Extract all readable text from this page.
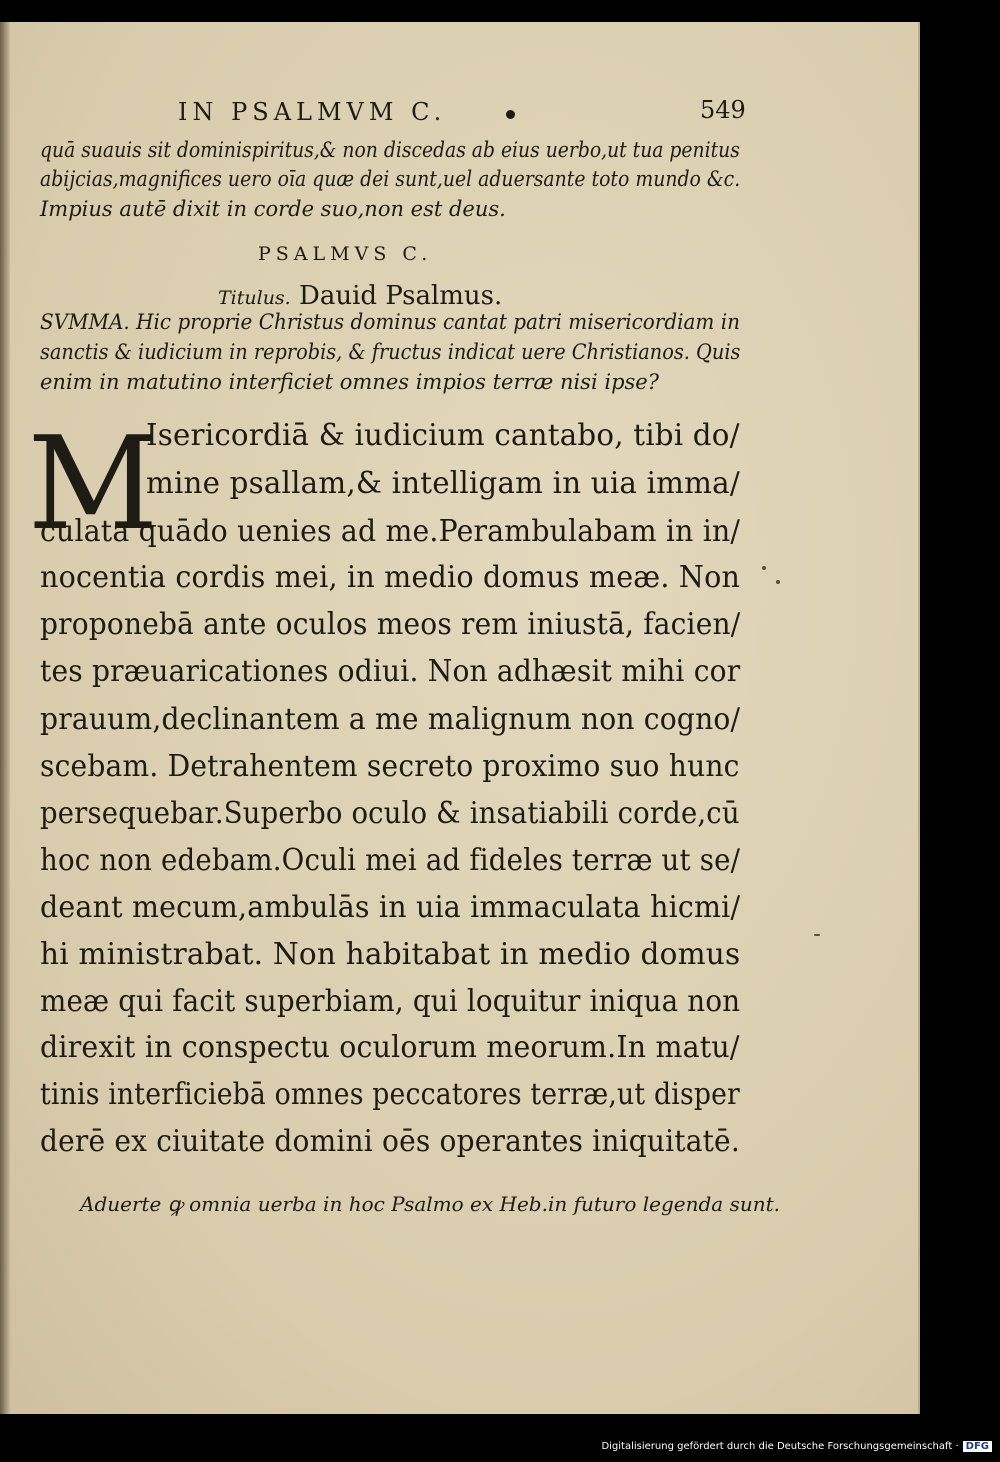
IN PSALMVM C.	549
quā suauis sit dominispiritus,& non discedas ab eius uerbo,ut tua penitus
abijcias,magnifices uero oīa quæ dei sunt,uel aduersante toto mundo &c.
Impius autē dixit in corde suo,non est deus.
PSALMVS C.
Titulus. Dauid Psalmus.
SVMMA. Hic proprie Christus dominus cantat patri misericordiam in
sanctis & iudicium in reprobis, & fructus indicat uere Christianos. Quis
enim in matutino interficiet omnes impios terræ nisi ipse?
M
Isericordiā & iudicium cantabo, tibi do/
mine psallam,& intelligam in uia imma/
culata quādo uenies ad me.Perambulabam in in/
nocentia cordis mei, in medio domus meæ. Non
proponebā ante oculos meos rem iniustā, facien/
tes præuaricationes odiui. Non adhæsit mihi cor
prauum,declinantem a me malignum non cogno/
scebam. Detrahentem secreto proximo suo hunc
persequebar.Superbo oculo & insatiabili corde,cū
hoc non edebam.Oculi mei ad fideles terræ ut se/
deant mecum,ambulās in uia immaculata hicmi/
hi ministrabat. Non habitabat in medio domus
meæ qui facit superbiam, qui loquitur iniqua non
direxit in conspectu oculorum meorum.In matu/
tinis interficiebā omnes peccatores terræ,ut disper
derē ex ciuitate domini oēs operantes iniquitatē.
Aduerte ꝙ omnia uerba in hoc Psalmo ex Heb.in futuro legenda sunt.
Digitalisierung gefördert durch die Deutsche Forschungsgemeinschaft · DFG
